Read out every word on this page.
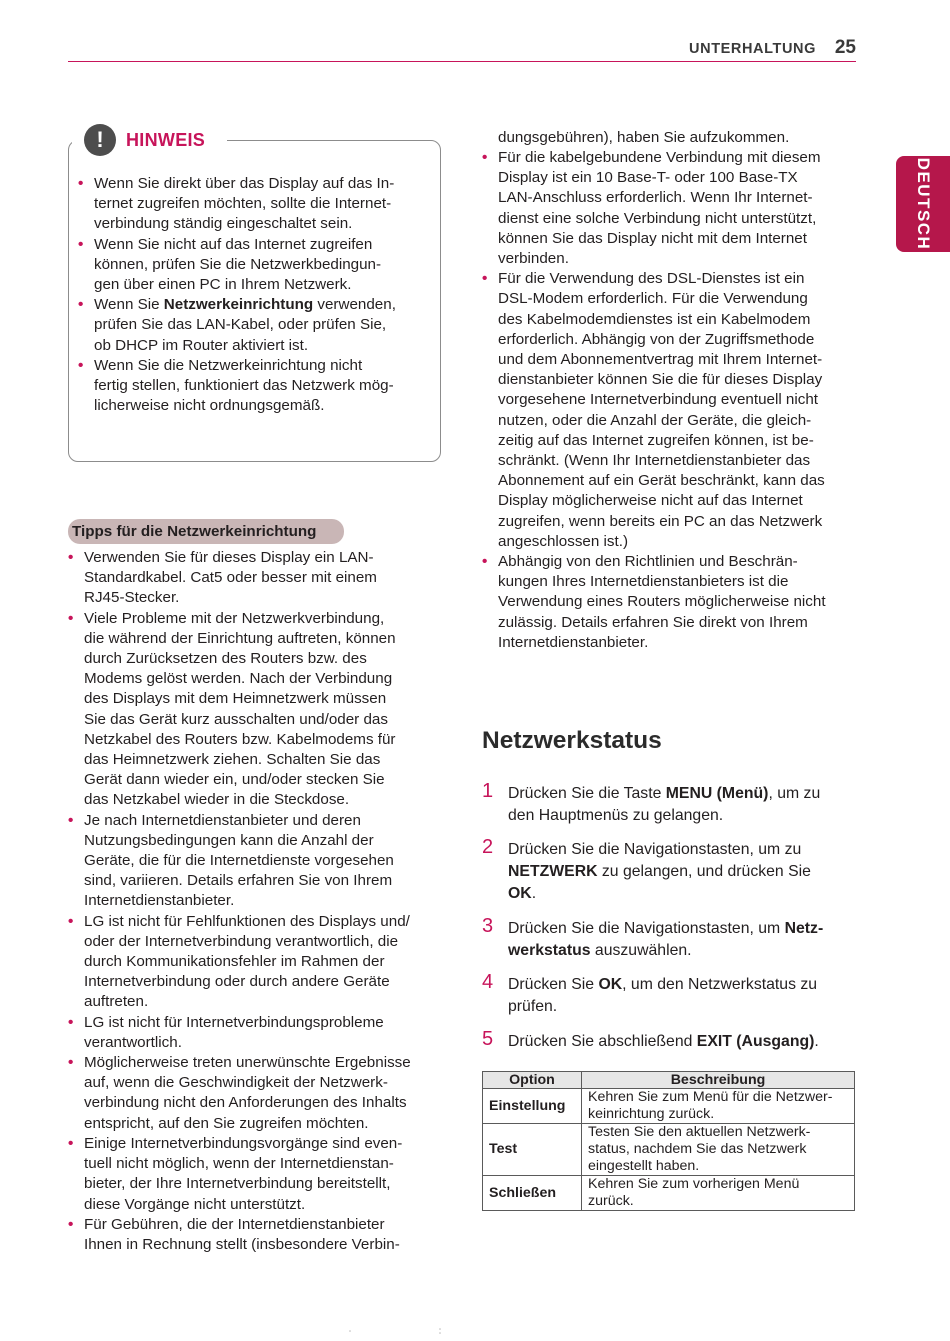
UNTERHALTUNG 25
DEUTSCH
!	HINWEIS
• Wenn Sie direkt über das Display auf das In-
ternet zugreifen möchten, sollte die Internet-
verbindung ständig eingeschaltet sein.
• Wenn Sie nicht auf das Internet zugreifen
können, prüfen Sie die Netzwerkbedingun-
gen über einen PC in Ihrem Netzwerk.
• Wenn Sie Netzwerkeinrichtung verwenden,
prüfen Sie das LAN-Kabel, oder prüfen Sie,
ob DHCP im Router aktiviert ist.
• Wenn Sie die Netzwerkeinrichtung nicht
fertig stellen, funktioniert das Netzwerk mög-
licherweise nicht ordnungsgemäß.
Tipps für die Netzwerkeinrichtung
• Verwenden Sie für dieses Display ein LAN-
Standardkabel. Cat5 oder besser mit einem
RJ45-Stecker.
• Viele Probleme mit der Netzwerkverbindung,
die während der Einrichtung auftreten, können
durch Zurücksetzen des Routers bzw. des
Modems gelöst werden. Nach der Verbindung
des Displays mit dem Heimnetzwerk müssen
Sie das Gerät kurz ausschalten und/oder das
Netzkabel des Routers bzw. Kabelmodems für
das Heimnetzwerk ziehen. Schalten Sie das
Gerät dann wieder ein, und/oder stecken Sie
das Netzkabel wieder in die Steckdose.
• Je nach Internetdienstanbieter und deren
Nutzungsbedingungen kann die Anzahl der
Geräte, die für die Internetdienste vorgesehen
sind, variieren. Details erfahren Sie von Ihrem
Internetdienstanbieter.
• LG ist nicht für Fehlfunktionen des Displays und/
oder der Internetverbindung verantwortlich, die
durch Kommunikationsfehler im Rahmen der
Internetverbindung oder durch andere Geräte
auftreten.
• LG ist nicht für Internetverbindungsprobleme
verantwortlich.
• Möglicherweise treten unerwünschte Ergebnisse
auf, wenn die Geschwindigkeit der Netzwerk-
verbindung nicht den Anforderungen des Inhalts
entspricht, auf den Sie zugreifen möchten.
• Einige Internetverbindungsvorgänge sind even-
tuell nicht möglich, wenn der Internetdienstan-
bieter, der Ihre Internetverbindung bereitstellt,
diese Vorgänge nicht unterstützt.
• Für Gebühren, die der Internetdienstanbieter
Ihnen in Rechnung stellt (insbesondere Verbin-
dungsgebühren), haben Sie aufzukommen.
• Für die kabelgebundene Verbindung mit diesem
Display ist ein 10 Base-T- oder 100 Base-TX
LAN-Anschluss erforderlich. Wenn Ihr Internet-
dienst eine solche Verbindung nicht unterstützt,
können Sie das Display nicht mit dem Internet
verbinden.
• Für die Verwendung des DSL-Dienstes ist ein
DSL-Modem erforderlich. Für die Verwendung
des Kabelmodemdienstes ist ein Kabelmodem
erforderlich. Abhängig von der Zugriffsmethode
und dem Abonnementvertrag mit Ihrem Internet-
dienstanbieter können Sie die für dieses Display
vorgesehene Internetverbindung eventuell nicht
nutzen, oder die Anzahl der Geräte, die gleich-
zeitig auf das Internet zugreifen können, ist be-
schränkt. (Wenn Ihr Internetdienstanbieter das
Abonnement auf ein Gerät beschränkt, kann das
Display möglicherweise nicht auf das Internet
zugreifen, wenn bereits ein PC an das Netzwerk
angeschlossen ist.)
• Abhängig von den Richtlinien und Beschrän-
kungen Ihres Internetdienstanbieters ist die
Verwendung eines Routers möglicherweise nicht
zulässig. Details erfahren Sie direkt von Ihrem
Internetdienstanbieter.
Netzwerkstatus
1 Drücken Sie die Taste MENU (Menü), um zu
den Hauptmenüs zu gelangen.
2 Drücken Sie die Navigationstasten, um zu
NETZWERK zu gelangen, und drücken Sie
OK.
3 Drücken Sie die Navigationstasten, um Netz-
werkstatus auszuwählen.
4 Drücken Sie OK, um den Netzwerkstatus zu
prüfen.
5 Drücken Sie abschließend EXIT (Ausgang).
Option	Beschreibung
Einstellung	Kehren Sie zum Menü für die Netzwer-
keinrichtung zurück.
Test	Testen Sie den aktuellen Netzwerk-
status, nachdem Sie das Netzwerk
eingestellt haben.
Schließen	Kehren Sie zum vorherigen Menü
zurück.
